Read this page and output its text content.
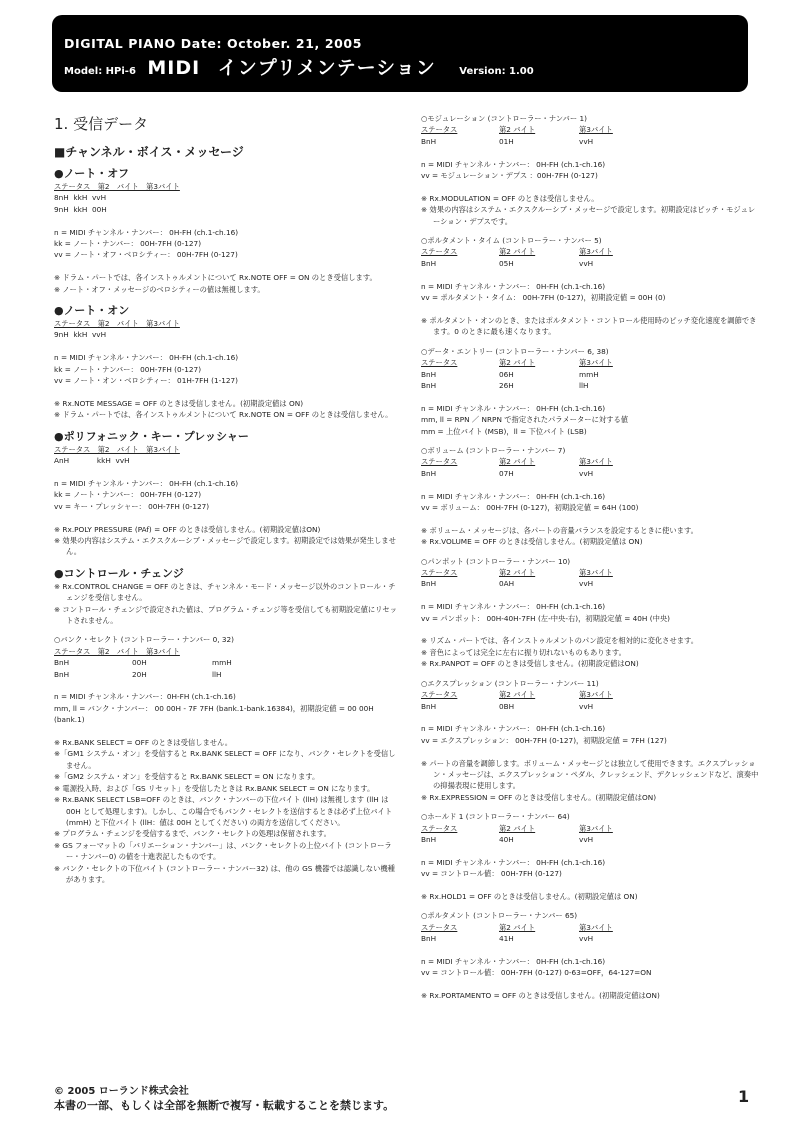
DIGITAL PIANO Date: October. 21, 2005
Model: HPi-6 MIDI インプリメンテーション Version: 1.00
1. 受信データ
■チャンネル・ボイス・メッセージ
●ノート・オフ
ステータス　第2　バイト　第3バイト
8nH  kkH  vvH
9nH  kkH  00H

n = MIDI チャンネル・ナンバー： 0H-FH (ch.1-ch.16)
kk = ノート・ナンバー： 00H-7FH (0-127)
vv = ノート・オフ・ベロシティー： 00H-7FH (0-127)

※ ドラム・パートでは、各インストゥルメントについて Rx.NOTE OFF = ON のとき受信します。
※ ノート・オフ・メッセージのベロシティーの値は無視します。
●ノート・オン
ステータス　第2　バイト　第3バイト
9nH  kkH  vvH

n = MIDI チャンネル・ナンバー： 0H-FH (ch.1-ch.16)
kk = ノート・ナンバー： 00H-7FH (0-127)
vv = ノート・オン・ベロシティー： 01H-7FH (1-127)

※ Rx.NOTE MESSAGE = OFF のときは受信しません。(初期設定値は ON)
※ ドラム・パートでは、各インストゥルメントについて Rx.NOTE ON = OFF のときは受信しません。
●ポリフォニック・キー・プレッシャー
ステータス　第2　バイト　第3バイト
AnH            kkH  vvH

n = MIDI チャンネル・ナンバー： 0H-FH (ch.1-ch.16)
kk = ノート・ナンバー： 00H-7FH (0-127)
vv = キー・プレッシャー： 00H-7FH (0-127)

※ Rx.POLY PRESSURE (PAf) = OFF のときは受信しません。(初期設定値はON)
※ 効果の内容はシステム・エクスクルーシブ・メッセージで設定します。初期設定では効果が発生しません。
●コントロール・チェンジ
※ Rx.CONTROL CHANGE = OFF のときは、チャンネル・モード・メッセージ以外のコントロール・チェンジを受信しません。
※ コントロール・チェンジで設定された値は、プログラム・チェンジ等を受信しても初期設定値にリセットされません。
○バンク・セレクト (コントローラー・ナンバー 0, 32)
ステータス　第2　バイト　第3バイト
BnH	00H	mmH
BnH	20H	llH

n = MIDI チャンネル・ナンバー：0H-FH (ch.1-ch.16)
mm, ll = バンク・ナンバー： 00 00H - 7F 7FH (bank.1-bank.16384)，初期設定値 = 00 00H (bank.1)

※ Rx.BANK SELECT = OFF のときは受信しません。
※「GM1 システム・オン」を受信すると Rx.BANK SELECT = OFF になり、バンク・セレクトを受信しません。
※「GM2 システム・オン」を受信すると Rx.BANK SELECT = ON になります。
※ 電源投入時、および「GS リセット」を受信したときは Rx.BANK SELECT = ON になります。
※ Rx.BANK SELECT LSB=OFF のときは、バンク・ナンバーの下位バイト (llH) は無視します (llH は 00H として処理します)。しかし、この場合でもバンク・セレクトを送信するときは必ず上位バイト (mmH) と下位バイト (llH：値は 00H としてください) の両方を送信してください。
※ プログラム・チェンジを受信するまで、バンク・セレクトの処理は保留されます。
※ GS フォーマットの「バリエーション・ナンバー」は、バンク・セレクトの上位バイト (コントローラー・ナンバー0) の値を十進表記したものです。
※ バンク・セレクトの下位バイト (コントローラー・ナンバー32) は、他の GS 機器では認識しない機種があります。
○モジュレーション (コントローラー・ナンバー 1)
ステータス	第2 バイト	第3バイト
BnH	01H	vvH

n = MIDI チャンネル・ナンバー： 0H-FH (ch.1-ch.16)
vv = モジュレーション・デプス ：00H-7FH (0-127)

※ Rx.MODULATION = OFF のときは受信しません。
※ 効果の内容はシステム・エクスクルーシブ・メッセージで設定します。初期設定はピッチ・モジュレーション・デプスです。
○ポルタメント・タイム (コントローラー・ナンバー 5)
ステータス	第2 バイト	第3バイト
BnH	05H	vvH

n = MIDI チャンネル・ナンバー： 0H-FH (ch.1-ch.16)
vv = ポルタメント・タイム： 00H-7FH (0-127)，初期設定値 = 00H (0)

※ ポルタメント・オンのとき、またはポルタメント・コントロール使用時のピッチ変化速度を調節できます。0 のときに最も速くなります。
○データ・エントリー (コントローラー・ナンバー 6, 38)
ステータス	第2 バイト	第3バイト
BnH	06H	mmH
BnH	26H	llH

n = MIDI チャンネル・ナンバー： 0H-FH (ch.1-ch.16)
mm, ll = RPN ／ NRPN で指定されたパラメーターに対する値
mm = 上位バイト (MSB)，ll = 下位バイト (LSB)
○ボリューム (コントローラー・ナンバー 7)
ステータス	第2 バイト	第3バイト
BnH	07H	vvH

n = MIDI チャンネル・ナンバー： 0H-FH (ch.1-ch.16)
vv = ボリューム： 00H-7FH (0-127)，初期設定値 = 64H (100)

※ ボリューム・メッセージは、各パートの音量バランスを設定するときに使います。
※ Rx.VOLUME = OFF のときは受信しません。(初期設定値は ON)
○パンポット (コントローラー・ナンバー 10)
ステータス	第2 バイト	第3バイト
BnH	0AH	vvH

n = MIDI チャンネル・ナンバー： 0H-FH (ch.1-ch.16)
vv = パンポット： 00H-40H-7FH (左-中央-右)，初期設定値 = 40H (中央)

※ リズム・パートでは、各インストゥルメントのパン設定を相対的に変化させます。
※ 音色によっては完全に左右に振り切れないものもあります。
※ Rx.PANPOT = OFF のときは受信しません。(初期設定値はON)
○エクスプレッション (コントローラー・ナンバー 11)
ステータス	第2 バイト	第3バイト
BnH	0BH	vvH

n = MIDI チャンネル・ナンバー： 0H-FH (ch.1-ch.16)
vv = エクスプレッション： 00H-7FH (0-127)，初期設定値 = 7FH (127)

※ パートの音量を調節します。ボリューム・メッセージとは独立して使用できます。エクスプレッション・メッセージは、エクスプレッション・ペダル、クレッシェンド、デクレッシェンドなど、演奏中の抑揚表現に使用します。
※ Rx.EXPRESSION = OFF のときは受信しません。(初期設定値はON)
○ホールド 1 (コントローラー・ナンバー 64)
ステータス	第2 バイト	第3バイト
BnH	40H	vvH

n = MIDI チャンネル・ナンバー： 0H-FH (ch.1-ch.16)
vv = コントロール値： 00H-7FH (0-127)

※ Rx.HOLD1 = OFF のときは受信しません。(初期設定値は ON)
○ポルタメント (コントローラー・ナンバー 65)
ステータス	第2 バイト	第3バイト
BnH	41H	vvH

n = MIDI チャンネル・ナンバー： 0H-FH (ch.1-ch.16)
vv = コントロール値： 00H-7FH (0-127) 0-63=OFF，64-127=ON

※ Rx.PORTAMENTO = OFF のときは受信しません。(初期設定値はON)
© 2005 ローランド株式会社
本書の一部、もしくは全部を無断で複写・転載することを禁じます。	1
